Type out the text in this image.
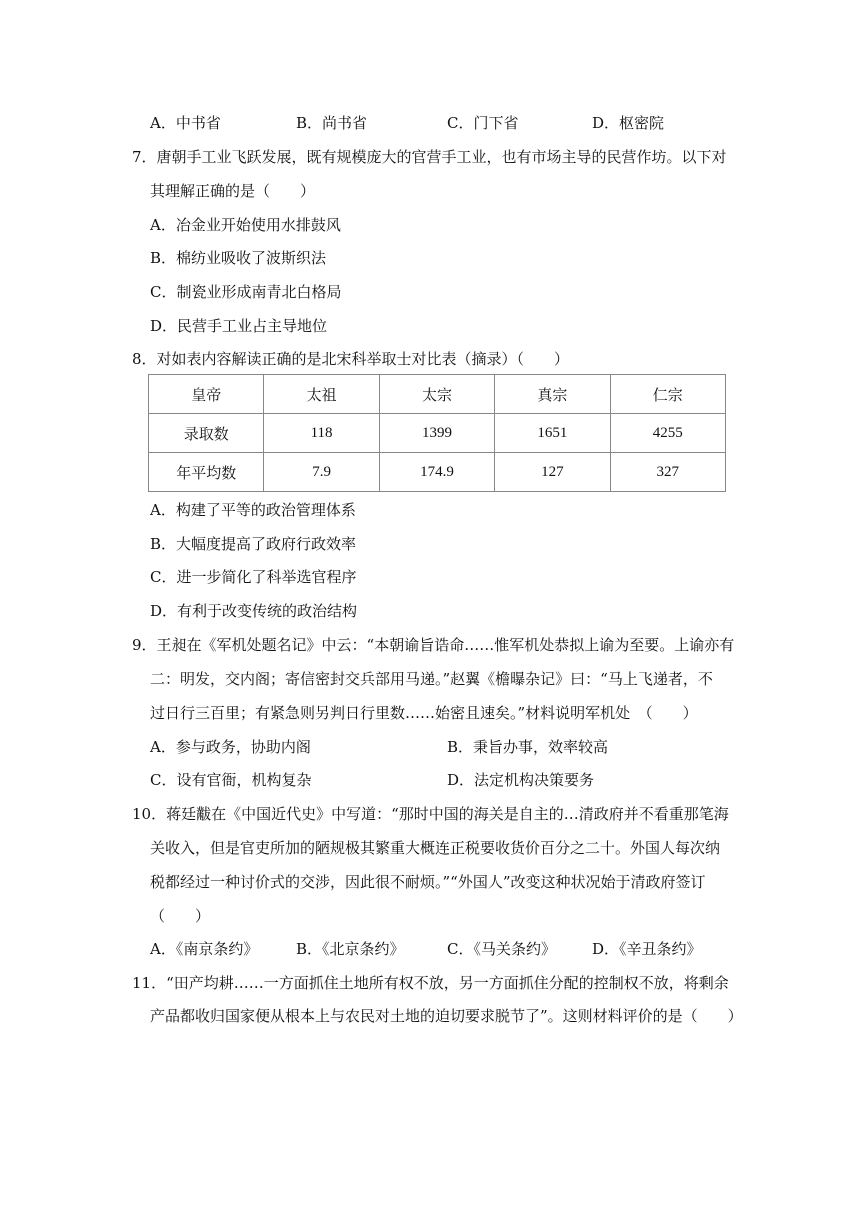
A．中书省	B．尚书省	C．门下省	D．枢密院
7．唐朝手工业飞跃发展，既有规模庞大的官营手工业，也有市场主导的民营作坊。以下对
其理解正确的是（　　）
A．冶金业开始使用水排鼓风
B．棉纺业吸收了波斯织法
C．制瓷业形成南青北白格局
D．民营手工业占主导地位
8．对如表内容解读正确的是北宋科举取士对比表（摘录）（　　）
皇帝	太祖	太宗	真宗	仁宗
录取数	118	1399	1651	4255
年平均数	7.9	174.9	127	327
A．构建了平等的政治管理体系
B．大幅度提高了政府行政效率
C．进一步简化了科举选官程序
D．有利于改变传统的政治结构
9．王昶在《军机处题名记》中云：“本朝谕旨诰命……惟军机处恭拟上谕为至要。上谕亦有
二：明发，交内阁；寄信密封交兵部用马递。”赵翼《檐曝杂记》曰：“马上飞递者，不
过日行三百里；有紧急则另判日行里数……始密且速矣。”材料说明军机处　（　　）
A．参与政务，协助内阁	B．秉旨办事，效率较高
C．设有官衙，机构复杂	D．法定机构决策要务
10．蒋廷黻在《中国近代史》中写道：“那时中国的海关是自主的…清政府并不看重那笔海
关收入，但是官吏所加的陋规极其繁重大概连正税要收货价百分之二十。外国人每次纳
税都经过一种讨价式的交涉，因此很不耐烦。”“外国人”改变这种状况始于清政府签订
（　　）
A．《南京条约》	B．《北京条约》	C．《马关条约》 D．《辛丑条约》
11．“田产均耕……一方面抓住土地所有权不放，另一方面抓住分配的控制权不放，将剩余
产品都收归国家便从根本上与农民对土地的迫切要求脱节了”。这则材料评价的是（　　）
